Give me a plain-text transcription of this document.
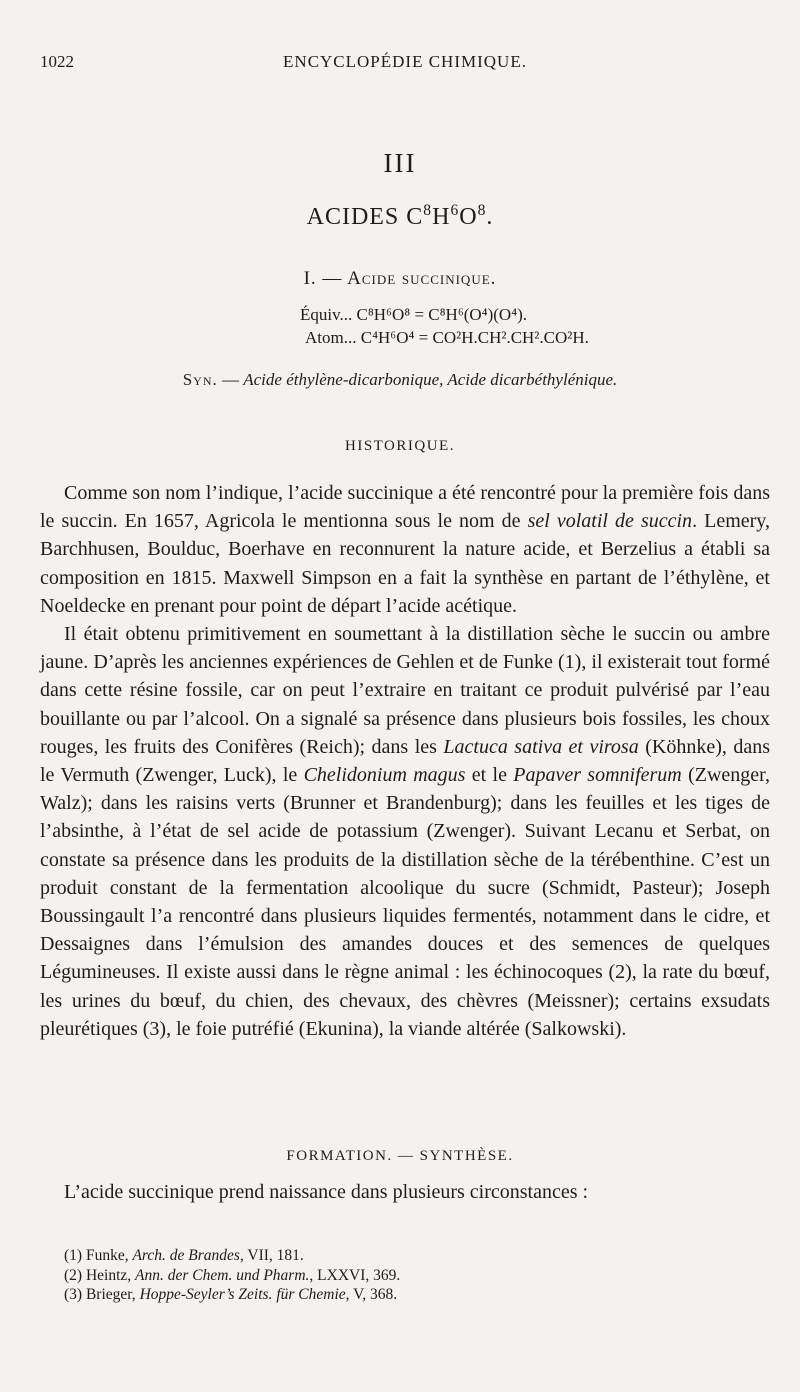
1022	ENCYCLOPÉDIE CHIMIQUE.
III
ACIDES $C^8H^6O^8$.
I. — Acide succinique.
Équiv... C⁸H⁶O⁸ = C⁸H⁶(O⁴)(O⁴).
Atom... C⁴H⁶O⁴ = CO²H.CH².CH².CO²H.
Syn. — Acide éthylène-dicarbonique, Acide dicarbéthylénique.
HISTORIQUE.

Comme son nom l’indique, l’acide succinique a été rencontré pour la première fois dans le succin. En 1657, Agricola le mentionna sous le nom de sel volatil de succin. Lemery, Barchhusen, Boulduc, Boerhave en reconnurent la nature acide, et Berzelius a établi sa composition en 1815. Maxwell Simpson en a fait la synthèse en partant de l’éthylène, et Noeldecke en prenant pour point de départ l’acide acétique.

Il était obtenu primitivement en soumettant à la distillation sèche le succin ou ambre jaune. D’après les anciennes expériences de Gehlen et de Funke (1), il existerait tout formé dans cette résine fossile, car on peut l’extraire en traitant ce produit pulvérisé par l’eau bouillante ou par l’alcool. On a signalé sa présence dans plusieurs bois fossiles, les choux rouges, les fruits des Conifères (Reich); dans les Lactuca sativa et virosa (Köhnke), dans le Vermuth (Zwenger, Luck), le Chelidonium magus et le Papaver somniferum (Zwenger, Walz); dans les raisins verts (Brunner et Brandenburg); dans les feuilles et les tiges de l’absinthe, à l’état de sel acide de potassium (Zwenger). Suivant Lecanu et Serbat, on constate sa présence dans les produits de la distillation sèche de la térébenthine. C’est un produit constant de la fermentation alcoolique du sucre (Schmidt, Pasteur); Joseph Boussingault l’a rencontré dans plusieurs liquides fermentés, notamment dans le cidre, et Dessaignes dans l’émulsion des amandes douces et des semences de quelques Légumineuses. Il existe aussi dans le règne animal : les échinocoques (2), la rate du bœuf, les urines du bœuf, du chien, des chevaux, des chèvres (Meissner); certains exsudats pleurétiques (3), le foie putréfié (Ekunina), la viande altérée (Salkowski).

FORMATION. — SYNTHÈSE.
L’acide succinique prend naissance dans plusieurs circonstances :
(1) Funke, Arch. de Brandes, VII, 181.
(2) Heintz, Ann. der Chem. und Pharm., LXXVI, 369.
(3) Brieger, Hoppe-Seyler’s Zeits. für Chemie, V, 368.
